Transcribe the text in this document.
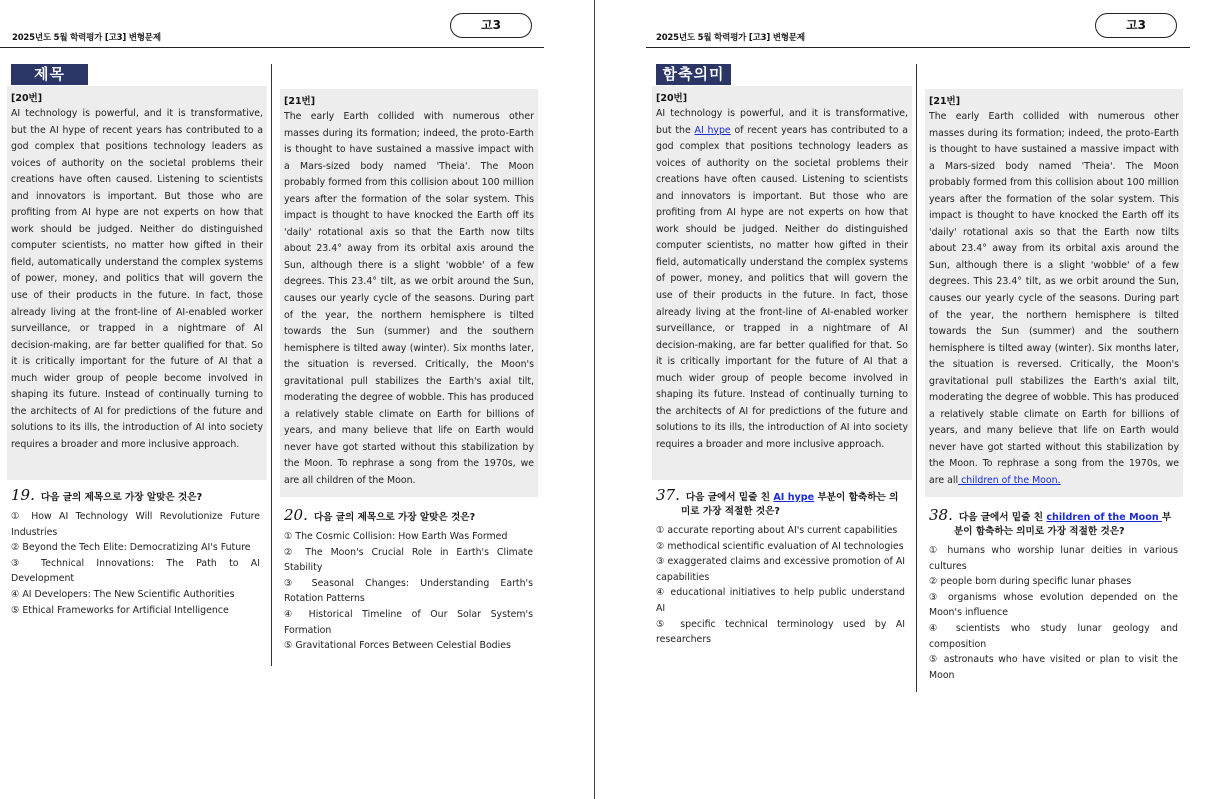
고3
2025년도 5월 학력평가 [고3] 변형문제
제목
[20번]
AI technology is powerful, and it is transformative, but the AI hype of recent years has contributed to a god complex that positions technology leaders as voices of authority on the societal problems their creations have often caused. Listening to scientists and innovators is important. But those who are profiting from AI hype are not experts on how that work should be judged. Neither do distinguished computer scientists, no matter how gifted in their field, automatically understand the complex systems of power, money, and politics that will govern the use of their products in the future. In fact, those already living at the front-line of AI-enabled worker surveillance, or trapped in a nightmare of AI decision-making, are far better qualified for that. So it is critically important for the future of AI that a much wider group of people become involved in shaping its future. Instead of continually turning to the architects of AI for predictions of the future and solutions to its ills, the introduction of AI into society requires a broader and more inclusive approach.
19. 다음 글의 제목으로 가장 알맞은 것은?
① How AI Technology Will Revolutionize Future Industries
② Beyond the Tech Elite: Democratizing AI's Future
③ Technical Innovations: The Path to AI Development
④ AI Developers: The New Scientific Authorities
⑤ Ethical Frameworks for Artificial Intelligence
[21번]
The early Earth collided with numerous other masses during its formation; indeed, the proto-Earth is thought to have sustained a massive impact with a Mars-sized body named 'Theia'. The Moon probably formed from this collision about 100 million years after the formation of the solar system. This impact is thought to have knocked the Earth off its 'daily' rotational axis so that the Earth now tilts about 23.4° away from its orbital axis around the Sun, although there is a slight 'wobble' of a few degrees. This 23.4° tilt, as we orbit around the Sun, causes our yearly cycle of the seasons. During part of the year, the northern hemisphere is tilted towards the Sun (summer) and the southern hemisphere is tilted away (winter). Six months later, the situation is reversed. Critically, the Moon's gravitational pull stabilizes the Earth's axial tilt, moderating the degree of wobble. This has produced a relatively stable climate on Earth for billions of years, and many believe that life on Earth would never have got started without this stabilization by the Moon. To rephrase a song from the 1970s, we are all children of the Moon.
20. 다음 글의 제목으로 가장 알맞은 것은?
① The Cosmic Collision: How Earth Was Formed
② The Moon's Crucial Role in Earth's Climate Stability
③ Seasonal Changes: Understanding Earth's Rotation Patterns
④ Historical Timeline of Our Solar System's Formation
⑤ Gravitational Forces Between Celestial Bodies
고3
2025년도 5월 학력평가 [고3] 변형문제
함축의미
[20번]
AI technology is powerful, and it is transformative, but the AI hype of recent years has contributed to a god complex that positions technology leaders as voices of authority on the societal problems their creations have often caused. Listening to scientists and innovators is important. But those who are profiting from AI hype are not experts on how that work should be judged. Neither do distinguished computer scientists, no matter how gifted in their field, automatically understand the complex systems of power, money, and politics that will govern the use of their products in the future. In fact, those already living at the front-line of AI-enabled worker surveillance, or trapped in a nightmare of AI decision-making, are far better qualified for that. So it is critically important for the future of AI that a much wider group of people become involved in shaping its future. Instead of continually turning to the architects of AI for predictions of the future and solutions to its ills, the introduction of AI into society requires a broader and more inclusive approach.
37. 다음 글에서 밑줄 친 AI hype 부분이 함축하는 의미로 가장 적절한 것은?
① accurate reporting about AI's current capabilities
② methodical scientific evaluation of AI technologies
③ exaggerated claims and excessive promotion of AI capabilities
④ educational initiatives to help public understand AI
⑤ specific technical terminology used by AI researchers
[21번]
The early Earth collided with numerous other masses during its formation; indeed, the proto-Earth is thought to have sustained a massive impact with a Mars-sized body named 'Theia'. The Moon probably formed from this collision about 100 million years after the formation of the solar system. This impact is thought to have knocked the Earth off its 'daily' rotational axis so that the Earth now tilts about 23.4° away from its orbital axis around the Sun, although there is a slight 'wobble' of a few degrees. This 23.4° tilt, as we orbit around the Sun, causes our yearly cycle of the seasons. During part of the year, the northern hemisphere is tilted towards the Sun (summer) and the southern hemisphere is tilted away (winter). Six months later, the situation is reversed. Critically, the Moon's gravitational pull stabilizes the Earth's axial tilt, moderating the degree of wobble. This has produced a relatively stable climate on Earth for billions of years, and many believe that life on Earth would never have got started without this stabilization by the Moon. To rephrase a song from the 1970s, we are all children of the Moon.
38. 다음 글에서 밑줄 친 children of the Moon 부분이 함축하는 의미로 가장 적절한 것은?
① humans who worship lunar deities in various cultures
② people born during specific lunar phases
③ organisms whose evolution depended on the Moon's influence
④ scientists who study lunar geology and composition
⑤ astronauts who have visited or plan to visit the Moon
